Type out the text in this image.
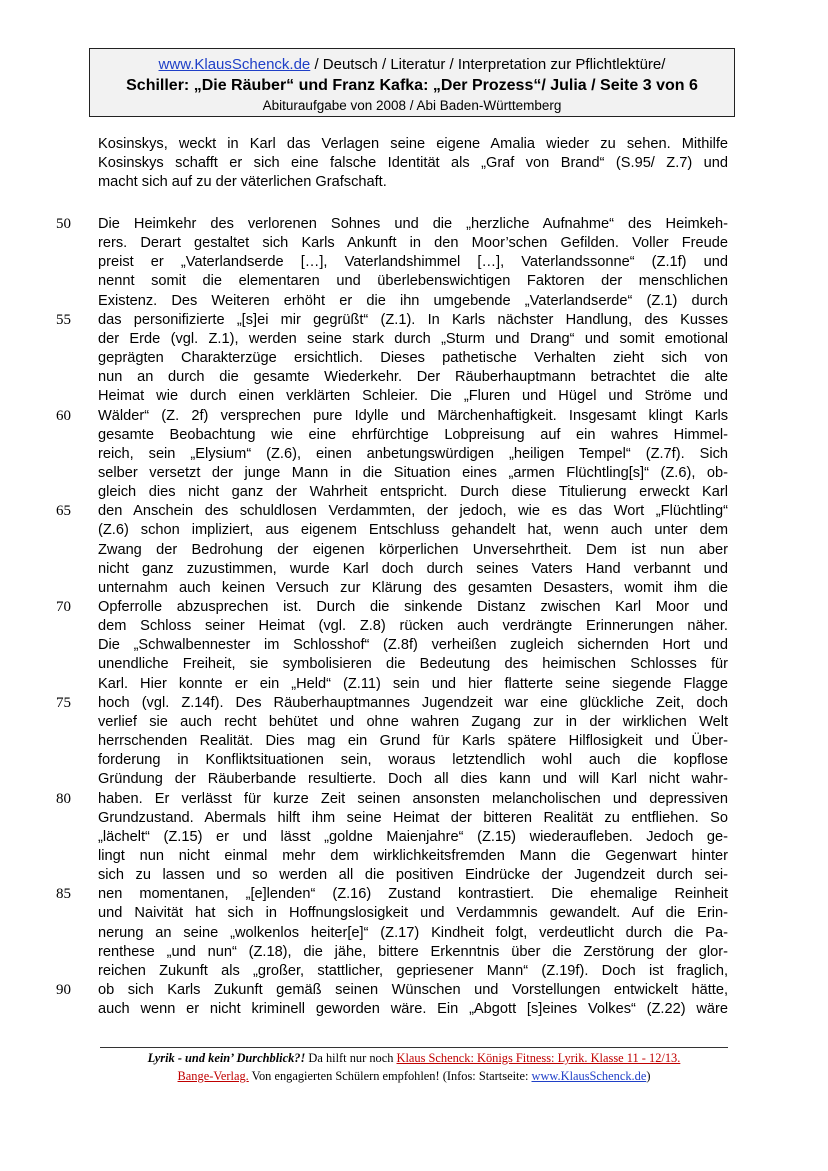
www.KlausSchenck.de / Deutsch / Literatur / Interpretation zur Pflichtlektüre/
Schiller: „Die Räuber“ und Franz Kafka: „Der Prozess“/ Julia / Seite 3 von 6
Abituraufgabe von 2008 / Abi Baden-Württemberg
Kosinskys, weckt in Karl das Verlagen seine eigene Amalia wieder zu sehen. Mithilfe
Kosinskys schafft er sich eine falsche Identität als „Graf von Brand“ (S.95/ Z.7) und
macht sich auf zu der väterlichen Grafschaft.
Die Heimkehr des verlorenen Sohnes und die „herzliche Aufnahme“ des Heimkeh-
50
rers. Derart gestaltet sich Karls Ankunft in den Moor’schen Gefilden. Voller Freude
preist er „Vaterlandserde […], Vaterlandshimmel […], Vaterlandssonne“ (Z.1f) und
nennt somit die elementaren und überlebenswichtigen Faktoren der menschlichen
Existenz. Des Weiteren erhöht er die ihn umgebende „Vaterlandserde“ (Z.1) durch
das personifizierte „[s]ei mir gegrüßt“ (Z.1). In Karls nächster Handlung, des Kusses
55
der Erde (vgl. Z.1), werden seine stark durch „Sturm und Drang“ und somit emotional
geprägten Charakterzüge ersichtlich. Dieses pathetische Verhalten zieht sich von
nun an durch die gesamte Wiederkehr. Der Räuberhauptmann betrachtet die alte
Heimat wie durch einen verklärten Schleier. Die „Fluren und Hügel und Ströme und
Wälder“ (Z. 2f) versprechen pure Idylle und Märchenhaftigkeit. Insgesamt klingt Karls
60
gesamte Beobachtung wie eine ehrfürchtige Lobpreisung auf ein wahres Himmel-
reich, sein „Elysium“ (Z.6), einen anbetungswürdigen „heiligen Tempel“ (Z.7f). Sich
selber versetzt der junge Mann in die Situation eines „armen Flüchtling[s]“ (Z.6), ob-
gleich dies nicht ganz der Wahrheit entspricht. Durch diese Titulierung erweckt Karl
den Anschein des schuldlosen Verdammten, der jedoch, wie es das Wort „Flüchtling“
65
(Z.6) schon impliziert, aus eigenem Entschluss gehandelt hat, wenn auch unter dem
Zwang der Bedrohung der eigenen körperlichen Unversehrtheit. Dem ist nun aber
nicht ganz zuzustimmen, wurde Karl doch durch seines Vaters Hand verbannt und
unternahm auch keinen Versuch zur Klärung des gesamten Desasters, womit ihm die
Opferrolle abzusprechen ist. Durch die sinkende Distanz zwischen Karl Moor und
70
dem Schloss seiner Heimat (vgl. Z.8) rücken auch verdrängte Erinnerungen näher.
Die „Schwalbennester im Schlosshof“ (Z.8f) verheißen zugleich sichernden Hort und
unendliche Freiheit, sie symbolisieren die Bedeutung des heimischen Schlosses für
Karl. Hier konnte er ein „Held“ (Z.11) sein und hier flatterte seine siegende Flagge
hoch (vgl. Z.14f). Des Räuberhauptmannes Jugendzeit war eine glückliche Zeit, doch
75
verlief sie auch recht behütet und ohne wahren Zugang zur in der wirklichen Welt
herrschenden Realität. Dies mag ein Grund für Karls spätere Hilflosigkeit und Über-
forderung in Konfliktsituationen sein, woraus letztendlich wohl auch die kopflose
Gründung der Räuberbande resultierte. Doch all dies kann und will Karl nicht wahr-
haben. Er verlässt für kurze Zeit seinen ansonsten melancholischen und depressiven
80
Grundzustand. Abermals hilft ihm seine Heimat der bitteren Realität zu entfliehen. So
„lächelt“ (Z.15) er und lässt „goldne Maienjahre“ (Z.15) wiederaufleben. Jedoch ge-
lingt nun nicht einmal mehr dem wirklichkeitsfremden Mann die Gegenwart hinter
sich zu lassen und so werden all die positiven Eindrücke der Jugendzeit durch sei-
nen momentanen, „[e]lenden“ (Z.16) Zustand kontrastiert. Die ehemalige Reinheit
85
und Naivität hat sich in Hoffnungslosigkeit und Verdammnis gewandelt. Auf die Erin-
nerung an seine „wolkenlos heiter[e]“ (Z.17) Kindheit folgt, verdeutlicht durch die Pa-
renthese „und nun“ (Z.18), die jähe, bittere Erkenntnis über die Zerstörung der glor-
reichen Zukunft als „großer, stattlicher, gepriesener Mann“ (Z.19f). Doch ist fraglich,
ob sich Karls Zukunft gemäß seinen Wünschen und Vorstellungen entwickelt hätte,
90
auch wenn er nicht kriminell geworden wäre. Ein „Abgott [s]eines Volkes“ (Z.22) wäre
Lyrik - und kein’ Durchblick?! Da hilft nur noch Klaus Schenck: Königs Fitness: Lyrik. Klasse 11 - 12/13.
Bange-Verlag. Von engagierten Schülern empfohlen! (Infos: Startseite: www.KlausSchenck.de)
